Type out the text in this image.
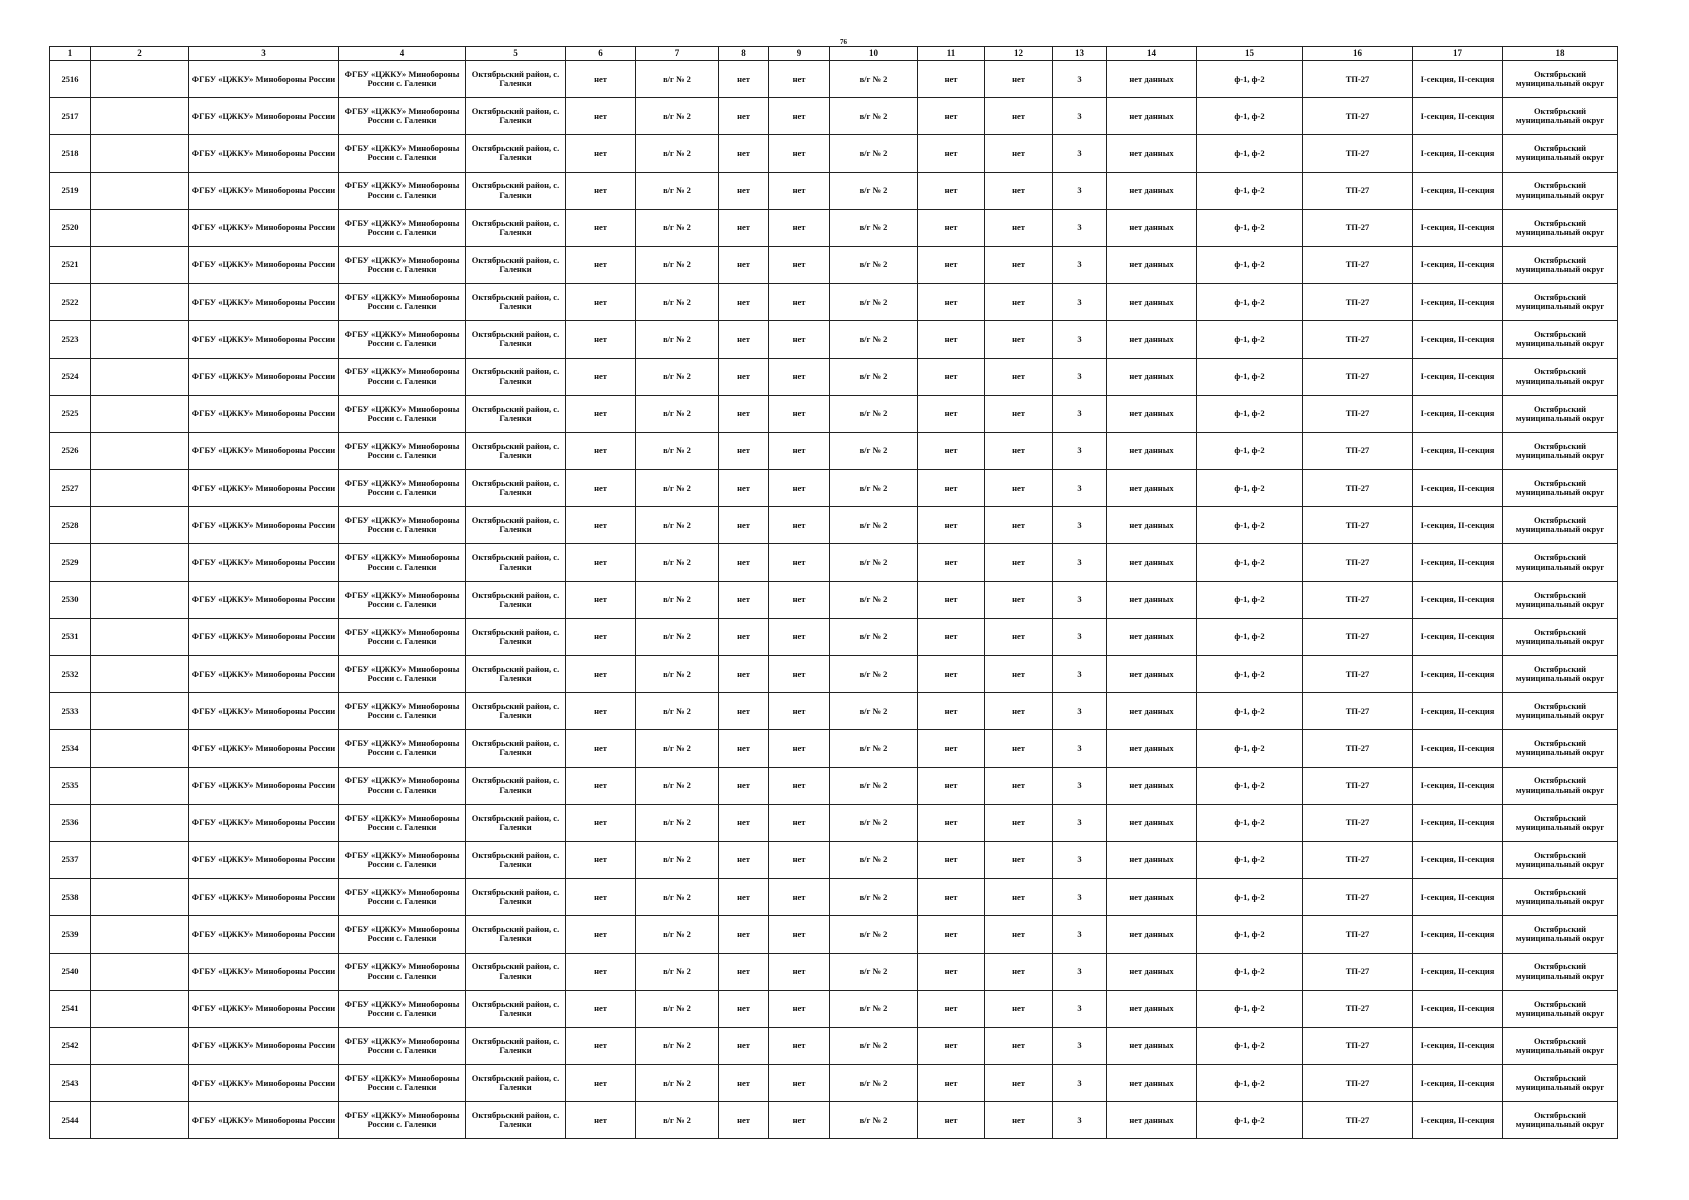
76
1	2	3	4	5	6	7	8	9	10	11	12	13	14	15	16	17	18
2516		ФГБУ «ЦЖКУ» Минобороны России	ФГБУ «ЦЖКУ» Минобороны России с. Галенки	Октябрьский район, с. Галенки	нет	в/г № 2	нет	нет	в/г № 2	нет	нет	3	нет данных	ф-1, ф-2	ТП-27	I-секция, II-секция	Октябрьский муниципальный округ
2517		ФГБУ «ЦЖКУ» Минобороны России	ФГБУ «ЦЖКУ» Минобороны России с. Галенки	Октябрьский район, с. Галенки	нет	в/г № 2	нет	нет	в/г № 2	нет	нет	3	нет данных	ф-1, ф-2	ТП-27	I-секция, II-секция	Октябрьский муниципальный округ
2518		ФГБУ «ЦЖКУ» Минобороны России	ФГБУ «ЦЖКУ» Минобороны России с. Галенки	Октябрьский район, с. Галенки	нет	в/г № 2	нет	нет	в/г № 2	нет	нет	3	нет данных	ф-1, ф-2	ТП-27	I-секция, II-секция	Октябрьский муниципальный округ
2519		ФГБУ «ЦЖКУ» Минобороны России	ФГБУ «ЦЖКУ» Минобороны России с. Галенки	Октябрьский район, с. Галенки	нет	в/г № 2	нет	нет	в/г № 2	нет	нет	3	нет данных	ф-1, ф-2	ТП-27	I-секция, II-секция	Октябрьский муниципальный округ
2520		ФГБУ «ЦЖКУ» Минобороны России	ФГБУ «ЦЖКУ» Минобороны России с. Галенки	Октябрьский район, с. Галенки	нет	в/г № 2	нет	нет	в/г № 2	нет	нет	3	нет данных	ф-1, ф-2	ТП-27	I-секция, II-секция	Октябрьский муниципальный округ
2521		ФГБУ «ЦЖКУ» Минобороны России	ФГБУ «ЦЖКУ» Минобороны России с. Галенки	Октябрьский район, с. Галенки	нет	в/г № 2	нет	нет	в/г № 2	нет	нет	3	нет данных	ф-1, ф-2	ТП-27	I-секция, II-секция	Октябрьский муниципальный округ
2522		ФГБУ «ЦЖКУ» Минобороны России	ФГБУ «ЦЖКУ» Минобороны России с. Галенки	Октябрьский район, с. Галенки	нет	в/г № 2	нет	нет	в/г № 2	нет	нет	3	нет данных	ф-1, ф-2	ТП-27	I-секция, II-секция	Октябрьский муниципальный округ
2523		ФГБУ «ЦЖКУ» Минобороны России	ФГБУ «ЦЖКУ» Минобороны России с. Галенки	Октябрьский район, с. Галенки	нет	в/г № 2	нет	нет	в/г № 2	нет	нет	3	нет данных	ф-1, ф-2	ТП-27	I-секция, II-секция	Октябрьский муниципальный округ
2524		ФГБУ «ЦЖКУ» Минобороны России	ФГБУ «ЦЖКУ» Минобороны России с. Галенки	Октябрьский район, с. Галенки	нет	в/г № 2	нет	нет	в/г № 2	нет	нет	3	нет данных	ф-1, ф-2	ТП-27	I-секция, II-секция	Октябрьский муниципальный округ
2525		ФГБУ «ЦЖКУ» Минобороны России	ФГБУ «ЦЖКУ» Минобороны России с. Галенки	Октябрьский район, с. Галенки	нет	в/г № 2	нет	нет	в/г № 2	нет	нет	3	нет данных	ф-1, ф-2	ТП-27	I-секция, II-секция	Октябрьский муниципальный округ
2526		ФГБУ «ЦЖКУ» Минобороны России	ФГБУ «ЦЖКУ» Минобороны России с. Галенки	Октябрьский район, с. Галенки	нет	в/г № 2	нет	нет	в/г № 2	нет	нет	3	нет данных	ф-1, ф-2	ТП-27	I-секция, II-секция	Октябрьский муниципальный округ
2527		ФГБУ «ЦЖКУ» Минобороны России	ФГБУ «ЦЖКУ» Минобороны России с. Галенки	Октябрьский район, с. Галенки	нет	в/г № 2	нет	нет	в/г № 2	нет	нет	3	нет данных	ф-1, ф-2	ТП-27	I-секция, II-секция	Октябрьский муниципальный округ
2528		ФГБУ «ЦЖКУ» Минобороны России	ФГБУ «ЦЖКУ» Минобороны России с. Галенки	Октябрьский район, с. Галенки	нет	в/г № 2	нет	нет	в/г № 2	нет	нет	3	нет данных	ф-1, ф-2	ТП-27	I-секция, II-секция	Октябрьский муниципальный округ
2529		ФГБУ «ЦЖКУ» Минобороны России	ФГБУ «ЦЖКУ» Минобороны России с. Галенки	Октябрьский район, с. Галенки	нет	в/г № 2	нет	нет	в/г № 2	нет	нет	3	нет данных	ф-1, ф-2	ТП-27	I-секция, II-секция	Октябрьский муниципальный округ
2530		ФГБУ «ЦЖКУ» Минобороны России	ФГБУ «ЦЖКУ» Минобороны России с. Галенки	Октябрьский район, с. Галенки	нет	в/г № 2	нет	нет	в/г № 2	нет	нет	3	нет данных	ф-1, ф-2	ТП-27	I-секция, II-секция	Октябрьский муниципальный округ
2531		ФГБУ «ЦЖКУ» Минобороны России	ФГБУ «ЦЖКУ» Минобороны России с. Галенки	Октябрьский район, с. Галенки	нет	в/г № 2	нет	нет	в/г № 2	нет	нет	3	нет данных	ф-1, ф-2	ТП-27	I-секция, II-секция	Октябрьский муниципальный округ
2532		ФГБУ «ЦЖКУ» Минобороны России	ФГБУ «ЦЖКУ» Минобороны России с. Галенки	Октябрьский район, с. Галенки	нет	в/г № 2	нет	нет	в/г № 2	нет	нет	3	нет данных	ф-1, ф-2	ТП-27	I-секция, II-секция	Октябрьский муниципальный округ
2533		ФГБУ «ЦЖКУ» Минобороны России	ФГБУ «ЦЖКУ» Минобороны России с. Галенки	Октябрьский район, с. Галенки	нет	в/г № 2	нет	нет	в/г № 2	нет	нет	3	нет данных	ф-1, ф-2	ТП-27	I-секция, II-секция	Октябрьский муниципальный округ
2534		ФГБУ «ЦЖКУ» Минобороны России	ФГБУ «ЦЖКУ» Минобороны России с. Галенки	Октябрьский район, с. Галенки	нет	в/г № 2	нет	нет	в/г № 2	нет	нет	3	нет данных	ф-1, ф-2	ТП-27	I-секция, II-секция	Октябрьский муниципальный округ
2535		ФГБУ «ЦЖКУ» Минобороны России	ФГБУ «ЦЖКУ» Минобороны России с. Галенки	Октябрьский район, с. Галенки	нет	в/г № 2	нет	нет	в/г № 2	нет	нет	3	нет данных	ф-1, ф-2	ТП-27	I-секция, II-секция	Октябрьский муниципальный округ
2536		ФГБУ «ЦЖКУ» Минобороны России	ФГБУ «ЦЖКУ» Минобороны России с. Галенки	Октябрьский район, с. Галенки	нет	в/г № 2	нет	нет	в/г № 2	нет	нет	3	нет данных	ф-1, ф-2	ТП-27	I-секция, II-секция	Октябрьский муниципальный округ
2537		ФГБУ «ЦЖКУ» Минобороны России	ФГБУ «ЦЖКУ» Минобороны России с. Галенки	Октябрьский район, с. Галенки	нет	в/г № 2	нет	нет	в/г № 2	нет	нет	3	нет данных	ф-1, ф-2	ТП-27	I-секция, II-секция	Октябрьский муниципальный округ
2538		ФГБУ «ЦЖКУ» Минобороны России	ФГБУ «ЦЖКУ» Минобороны России с. Галенки	Октябрьский район, с. Галенки	нет	в/г № 2	нет	нет	в/г № 2	нет	нет	3	нет данных	ф-1, ф-2	ТП-27	I-секция, II-секция	Октябрьский муниципальный округ
2539		ФГБУ «ЦЖКУ» Минобороны России	ФГБУ «ЦЖКУ» Минобороны России с. Галенки	Октябрьский район, с. Галенки	нет	в/г № 2	нет	нет	в/г № 2	нет	нет	3	нет данных	ф-1, ф-2	ТП-27	I-секция, II-секция	Октябрьский муниципальный округ
2540		ФГБУ «ЦЖКУ» Минобороны России	ФГБУ «ЦЖКУ» Минобороны России с. Галенки	Октябрьский район, с. Галенки	нет	в/г № 2	нет	нет	в/г № 2	нет	нет	3	нет данных	ф-1, ф-2	ТП-27	I-секция, II-секция	Октябрьский муниципальный округ
2541		ФГБУ «ЦЖКУ» Минобороны России	ФГБУ «ЦЖКУ» Минобороны России с. Галенки	Октябрьский район, с. Галенки	нет	в/г № 2	нет	нет	в/г № 2	нет	нет	3	нет данных	ф-1, ф-2	ТП-27	I-секция, II-секция	Октябрьский муниципальный округ
2542		ФГБУ «ЦЖКУ» Минобороны России	ФГБУ «ЦЖКУ» Минобороны России с. Галенки	Октябрьский район, с. Галенки	нет	в/г № 2	нет	нет	в/г № 2	нет	нет	3	нет данных	ф-1, ф-2	ТП-27	I-секция, II-секция	Октябрьский муниципальный округ
2543		ФГБУ «ЦЖКУ» Минобороны России	ФГБУ «ЦЖКУ» Минобороны России с. Галенки	Октябрьский район, с. Галенки	нет	в/г № 2	нет	нет	в/г № 2	нет	нет	3	нет данных	ф-1, ф-2	ТП-27	I-секция, II-секция	Октябрьский муниципальный округ
2544		ФГБУ «ЦЖКУ» Минобороны России	ФГБУ «ЦЖКУ» Минобороны России с. Галенки	Октябрьский район, с. Галенки	нет	в/г № 2	нет	нет	в/г № 2	нет	нет	3	нет данных	ф-1, ф-2	ТП-27	I-секция, II-секция	Октябрьский муниципальный округ
